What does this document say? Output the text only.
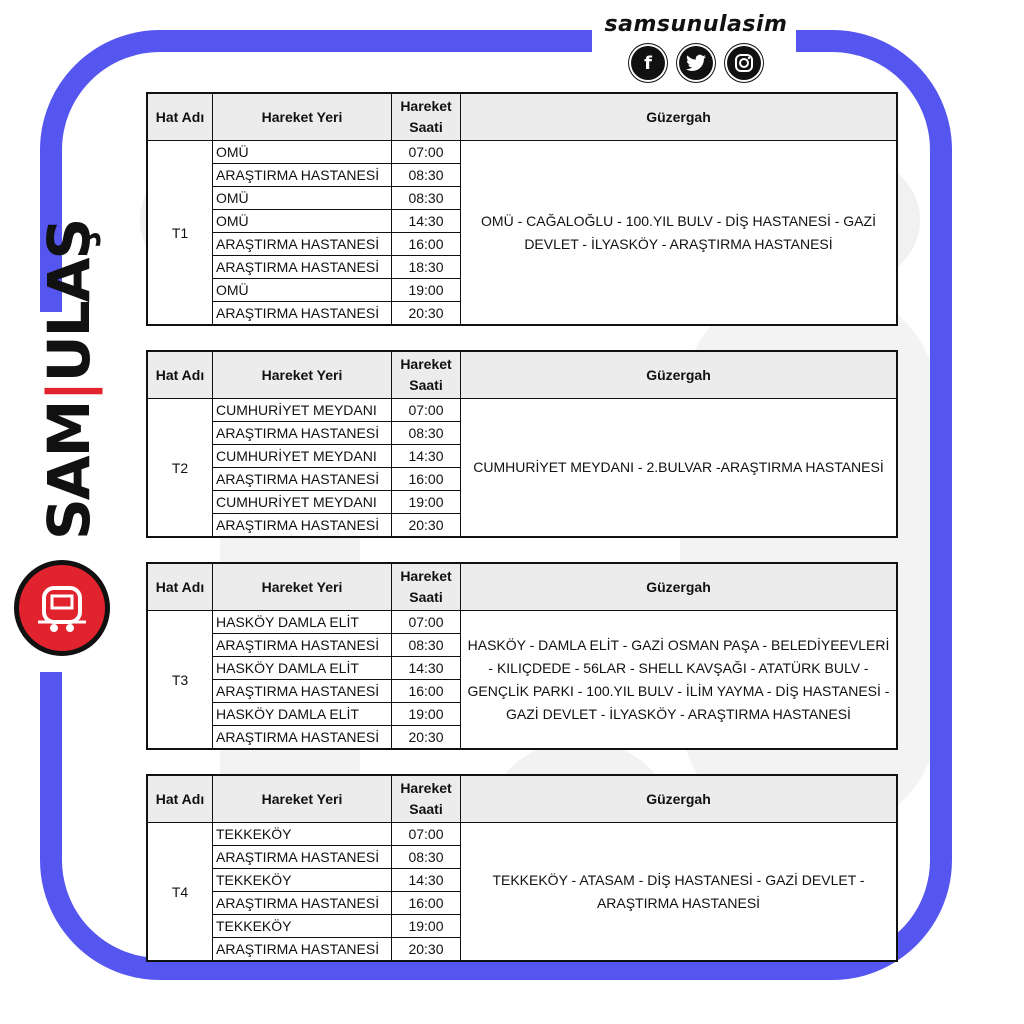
samsunulasim
f
SAM|ULAŞ
Hat Adı	Hareket Yeri	Hareket
Saati	Güzergah
T1	OMÜ	07:00	OMÜ - CAĞALOĞLU - 100.YIL BULV - DİŞ HASTANESİ - GAZİ DEVLET - İLYASKÖY - ARAŞTIRMA HASTANESİ
	ARAŞTIRMA HASTANESİ	08:30	
	OMÜ	08:30	
	OMÜ	14:30	
	ARAŞTIRMA HASTANESİ	16:00	
	ARAŞTIRMA HASTANESİ	18:30	
	OMÜ	19:00	
	ARAŞTIRMA HASTANESİ	20:30	
Hat Adı	Hareket Yeri	Hareket
Saati	Güzergah
T2	CUMHURİYET MEYDANI	07:00	CUMHURİYET MEYDANI - 2.BULVAR -ARAŞTIRMA HASTANESİ
	ARAŞTIRMA HASTANESİ	08:30	
	CUMHURİYET MEYDANI	14:30	
	ARAŞTIRMA HASTANESİ	16:00	
	CUMHURİYET MEYDANI	19:00	
	ARAŞTIRMA HASTANESİ	20:30	
Hat Adı	Hareket Yeri	Hareket
Saati	Güzergah
T3	HASKÖY DAMLA ELİT	07:00	HASKÖY - DAMLA ELİT - GAZİ OSMAN PAŞA - BELEDİYEEVLERİ - KILIÇDEDE - 56LAR - SHELL KAVŞAĞI - ATATÜRK BULV - GENÇLİK PARKI - 100.YIL BULV - İLİM YAYMA - DİŞ HASTANESİ - GAZİ DEVLET - İLYASKÖY - ARAŞTIRMA HASTANESİ
	ARAŞTIRMA HASTANESİ	08:30	
	HASKÖY DAMLA ELİT	14:30	
	ARAŞTIRMA HASTANESİ	16:00	
	HASKÖY DAMLA ELİT	19:00	
	ARAŞTIRMA HASTANESİ	20:30	
Hat Adı	Hareket Yeri	Hareket
Saati	Güzergah
T4	TEKKEKÖY	07:00	TEKKEKÖY - ATASAM - DİŞ HASTANESİ - GAZİ DEVLET - ARAŞTIRMA HASTANESİ
	ARAŞTIRMA HASTANESİ	08:30	
	TEKKEKÖY	14:30	
	ARAŞTIRMA HASTANESİ	16:00	
	TEKKEKÖY	19:00	
	ARAŞTIRMA HASTANESİ	20:30	
